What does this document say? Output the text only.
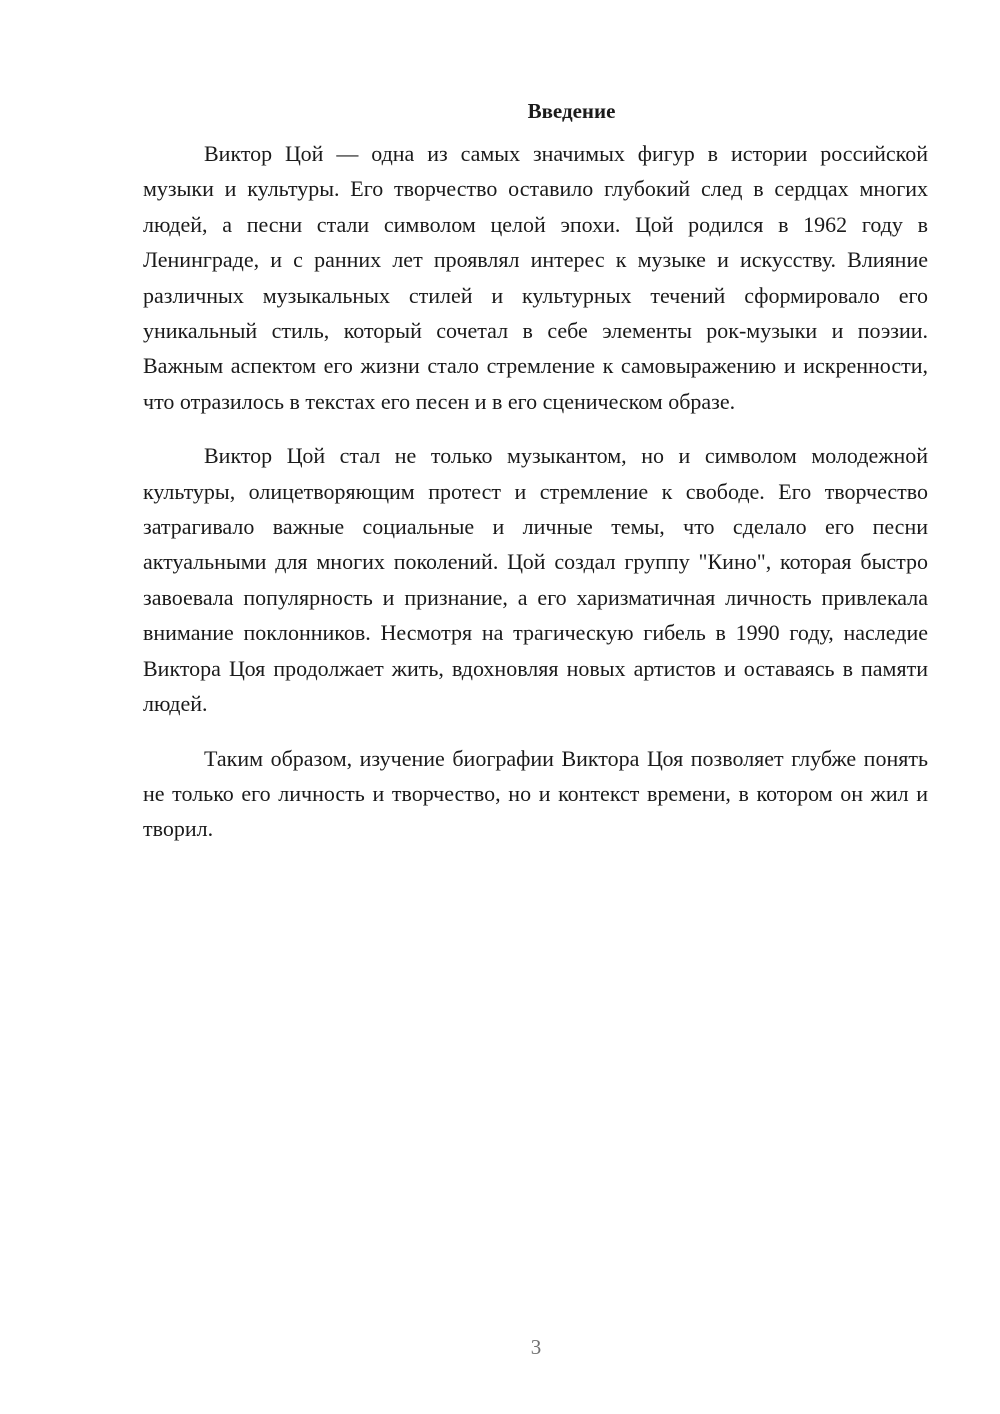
Введение

Виктор Цой — одна из самых значимых фигур в истории российской музыки и культуры. Его творчество оставило глубокий след в сердцах многих людей, а песни стали символом целой эпохи. Цой родился в 1962 году в Ленинграде, и с ранних лет проявлял интерес к музыке и искусству. Влияние различных музыкальных стилей и культурных течений сформировало его уникальный стиль, который сочетал в себе элементы рок-музыки и поэзии. Важным аспектом его жизни стало стремление к самовыражению и искренности, что отразилось в текстах его песен и в его сценическом образе.

Виктор Цой стал не только музыкантом, но и символом молодежной культуры, олицетворяющим протест и стремление к свободе. Его творчество затрагивало важные социальные и личные темы, что сделало его песни актуальными для многих поколений. Цой создал группу "Кино", которая быстро завоевала популярность и признание, а его харизматичная личность привлекала внимание поклонников. Несмотря на трагическую гибель в 1990 году, наследие Виктора Цоя продолжает жить, вдохновляя новых артистов и оставаясь в памяти людей.

Таким образом, изучение биографии Виктора Цоя позволяет глубже понять не только его личность и творчество, но и контекст времени, в котором он жил и творил.

3
